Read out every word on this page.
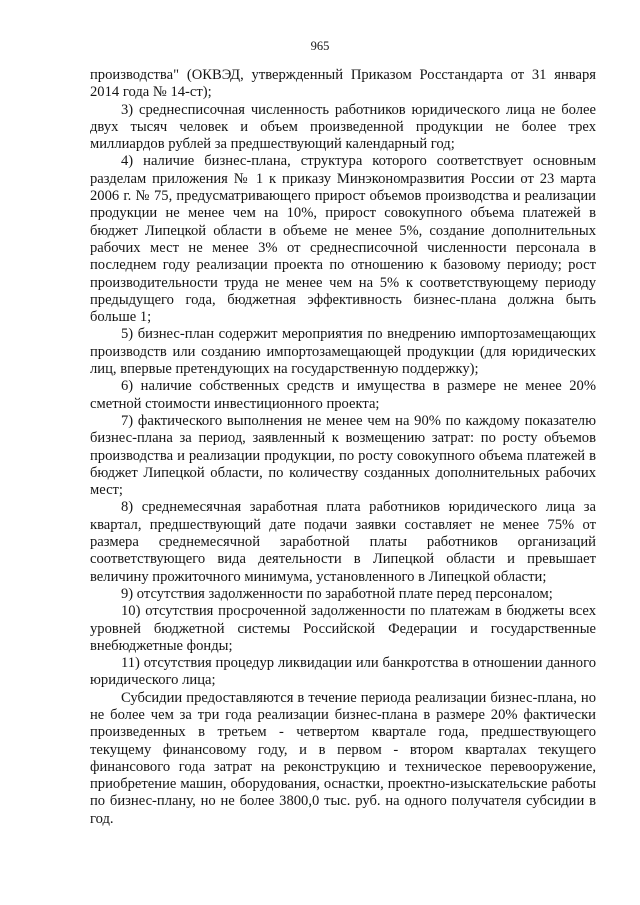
965

производства" (ОКВЭД, утвержденный Приказом Росстандарта от 31 января 2014 года № 14-ст);

3) среднесписочная численность работников юридического лица не более двух тысяч человек и объем произведенной продукции не более трех миллиардов рублей за предшествующий календарный год;

4) наличие бизнес-плана, структура которого соответствует основным разделам приложения № 1 к приказу Минэкономразвития России от 23 марта 2006 г. № 75, предусматривающего прирост объемов производства и реализации продукции не менее чем на 10%, прирост совокупного объема платежей в бюджет Липецкой области в объеме не менее 5%, создание дополнительных рабочих мест не менее 3% от среднесписочной численности персонала в последнем году реализации проекта по отношению к базовому периоду; рост производительности труда не менее чем на 5% к соответствующему периоду предыдущего года, бюджетная эффективность бизнес-плана должна быть больше 1;

5) бизнес-план содержит мероприятия по внедрению импортозамещающих производств или созданию импортозамещающей продукции (для юридических лиц, впервые претендующих на государственную поддержку);

6) наличие собственных средств и имущества в размере не менее 20% сметной стоимости инвестиционного проекта;

7) фактического выполнения не менее чем на 90% по каждому показателю бизнес-плана за период, заявленный к возмещению затрат: по росту объемов производства и реализации продукции, по росту совокупного объема платежей в бюджет Липецкой области, по количеству созданных дополнительных рабочих мест;

8) среднемесячная заработная плата работников юридического лица за квартал, предшествующий дате подачи заявки составляет не менее 75% от размера среднемесячной заработной платы работников организаций соответствующего вида деятельности в Липецкой области и превышает величину прожиточного минимума, установленного в Липецкой области;

9) отсутствия задолженности по заработной плате перед персоналом;

10) отсутствия просроченной задолженности по платежам в бюджеты всех уровней бюджетной системы Российской Федерации и государственные внебюджетные фонды;

11) отсутствия процедур ликвидации или банкротства в отношении данного юридического лица;

Субсидии предоставляются в течение периода реализации бизнес-плана, но не более чем за три года реализации бизнес-плана в размере 20% фактически произведенных в третьем - четвертом квартале года, предшествующего текущему финансовому году, и в первом - втором кварталах текущего финансового года затрат на реконструкцию и техническое перевооружение, приобретение машин, оборудования, оснастки, проектно-изыскательские работы по бизнес-плану, но не более 3800,0 тыс. руб. на одного получателя субсидии в год.
